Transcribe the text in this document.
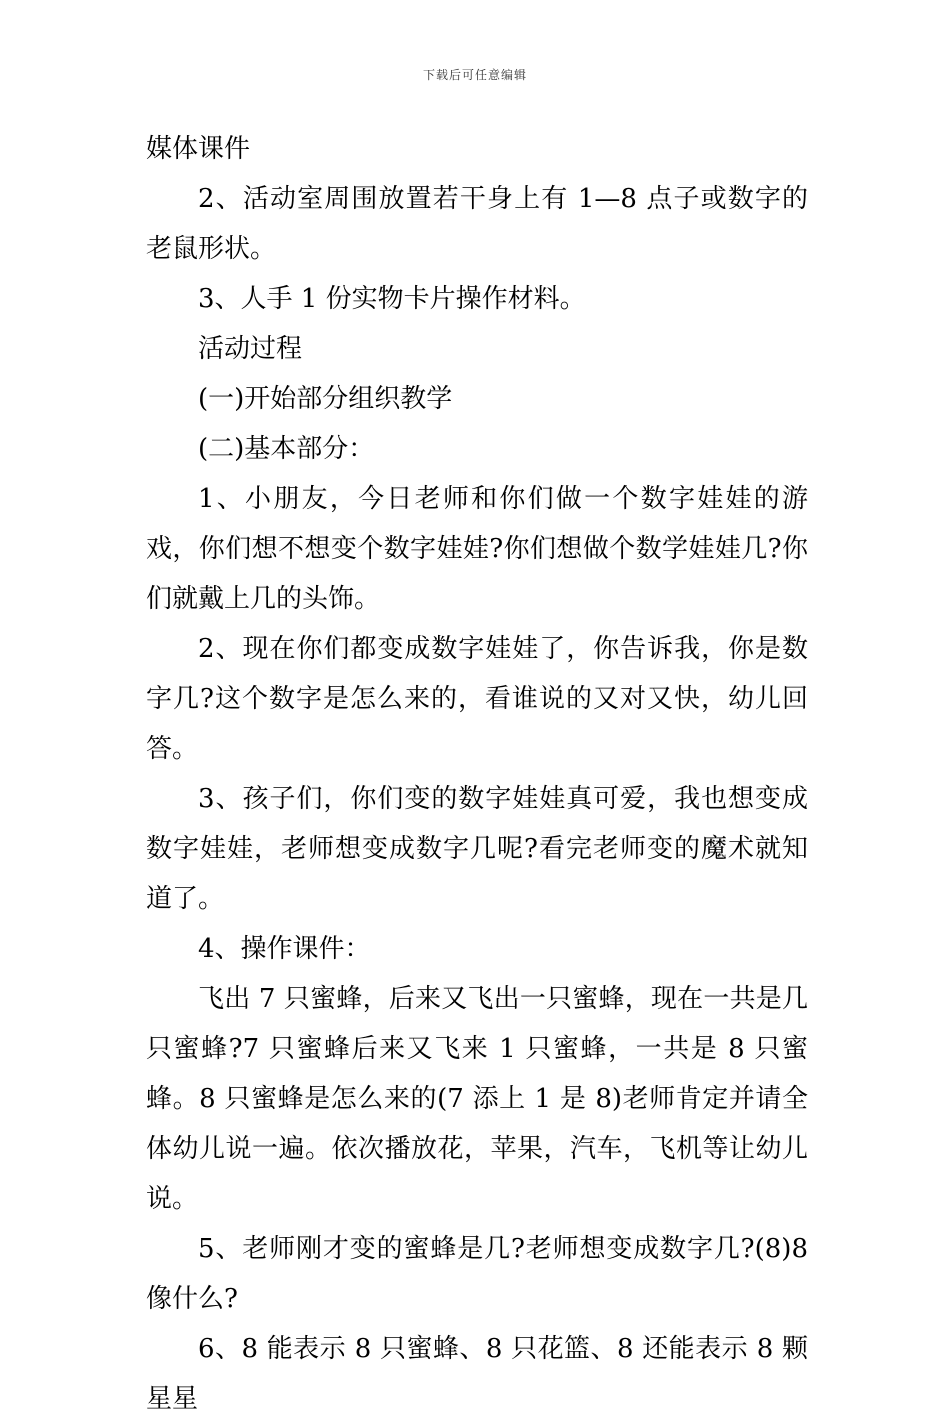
下载后可任意编辑

媒体课件

2、活动室周围放置若干身上有 1—8 点子或数字的老鼠形状。

3、人手 1 份实物卡片操作材料。

活动过程

(一)开始部分组织教学

(二)基本部分：

1、小朋友，今日老师和你们做一个数字娃娃的游戏，你们想不想变个数字娃娃?你们想做个数学娃娃几?你们就戴上几的头饰。

2、现在你们都变成数字娃娃了，你告诉我，你是数字几?这个数字是怎么来的，看谁说的又对又快，幼儿回答。

3、孩子们，你们变的数字娃娃真可爱，我也想变成数字娃娃，老师想变成数字几呢?看完老师变的魔术就知道了。

4、操作课件：

飞出 7 只蜜蜂，后来又飞出一只蜜蜂，现在一共是几只蜜蜂?7 只蜜蜂后来又飞来 1 只蜜蜂，一共是 8 只蜜蜂。8 只蜜蜂是怎么来的(7 添上 1 是 8)老师肯定并请全体幼儿说一遍。依次播放花，苹果，汽车，飞机等让幼儿说。

5、老师刚才变的蜜蜂是几?老师想变成数字几?(8)8 像什么?

6、8 能表示 8 只蜜蜂、8 只花篮、8 还能表示 8 颗星星
